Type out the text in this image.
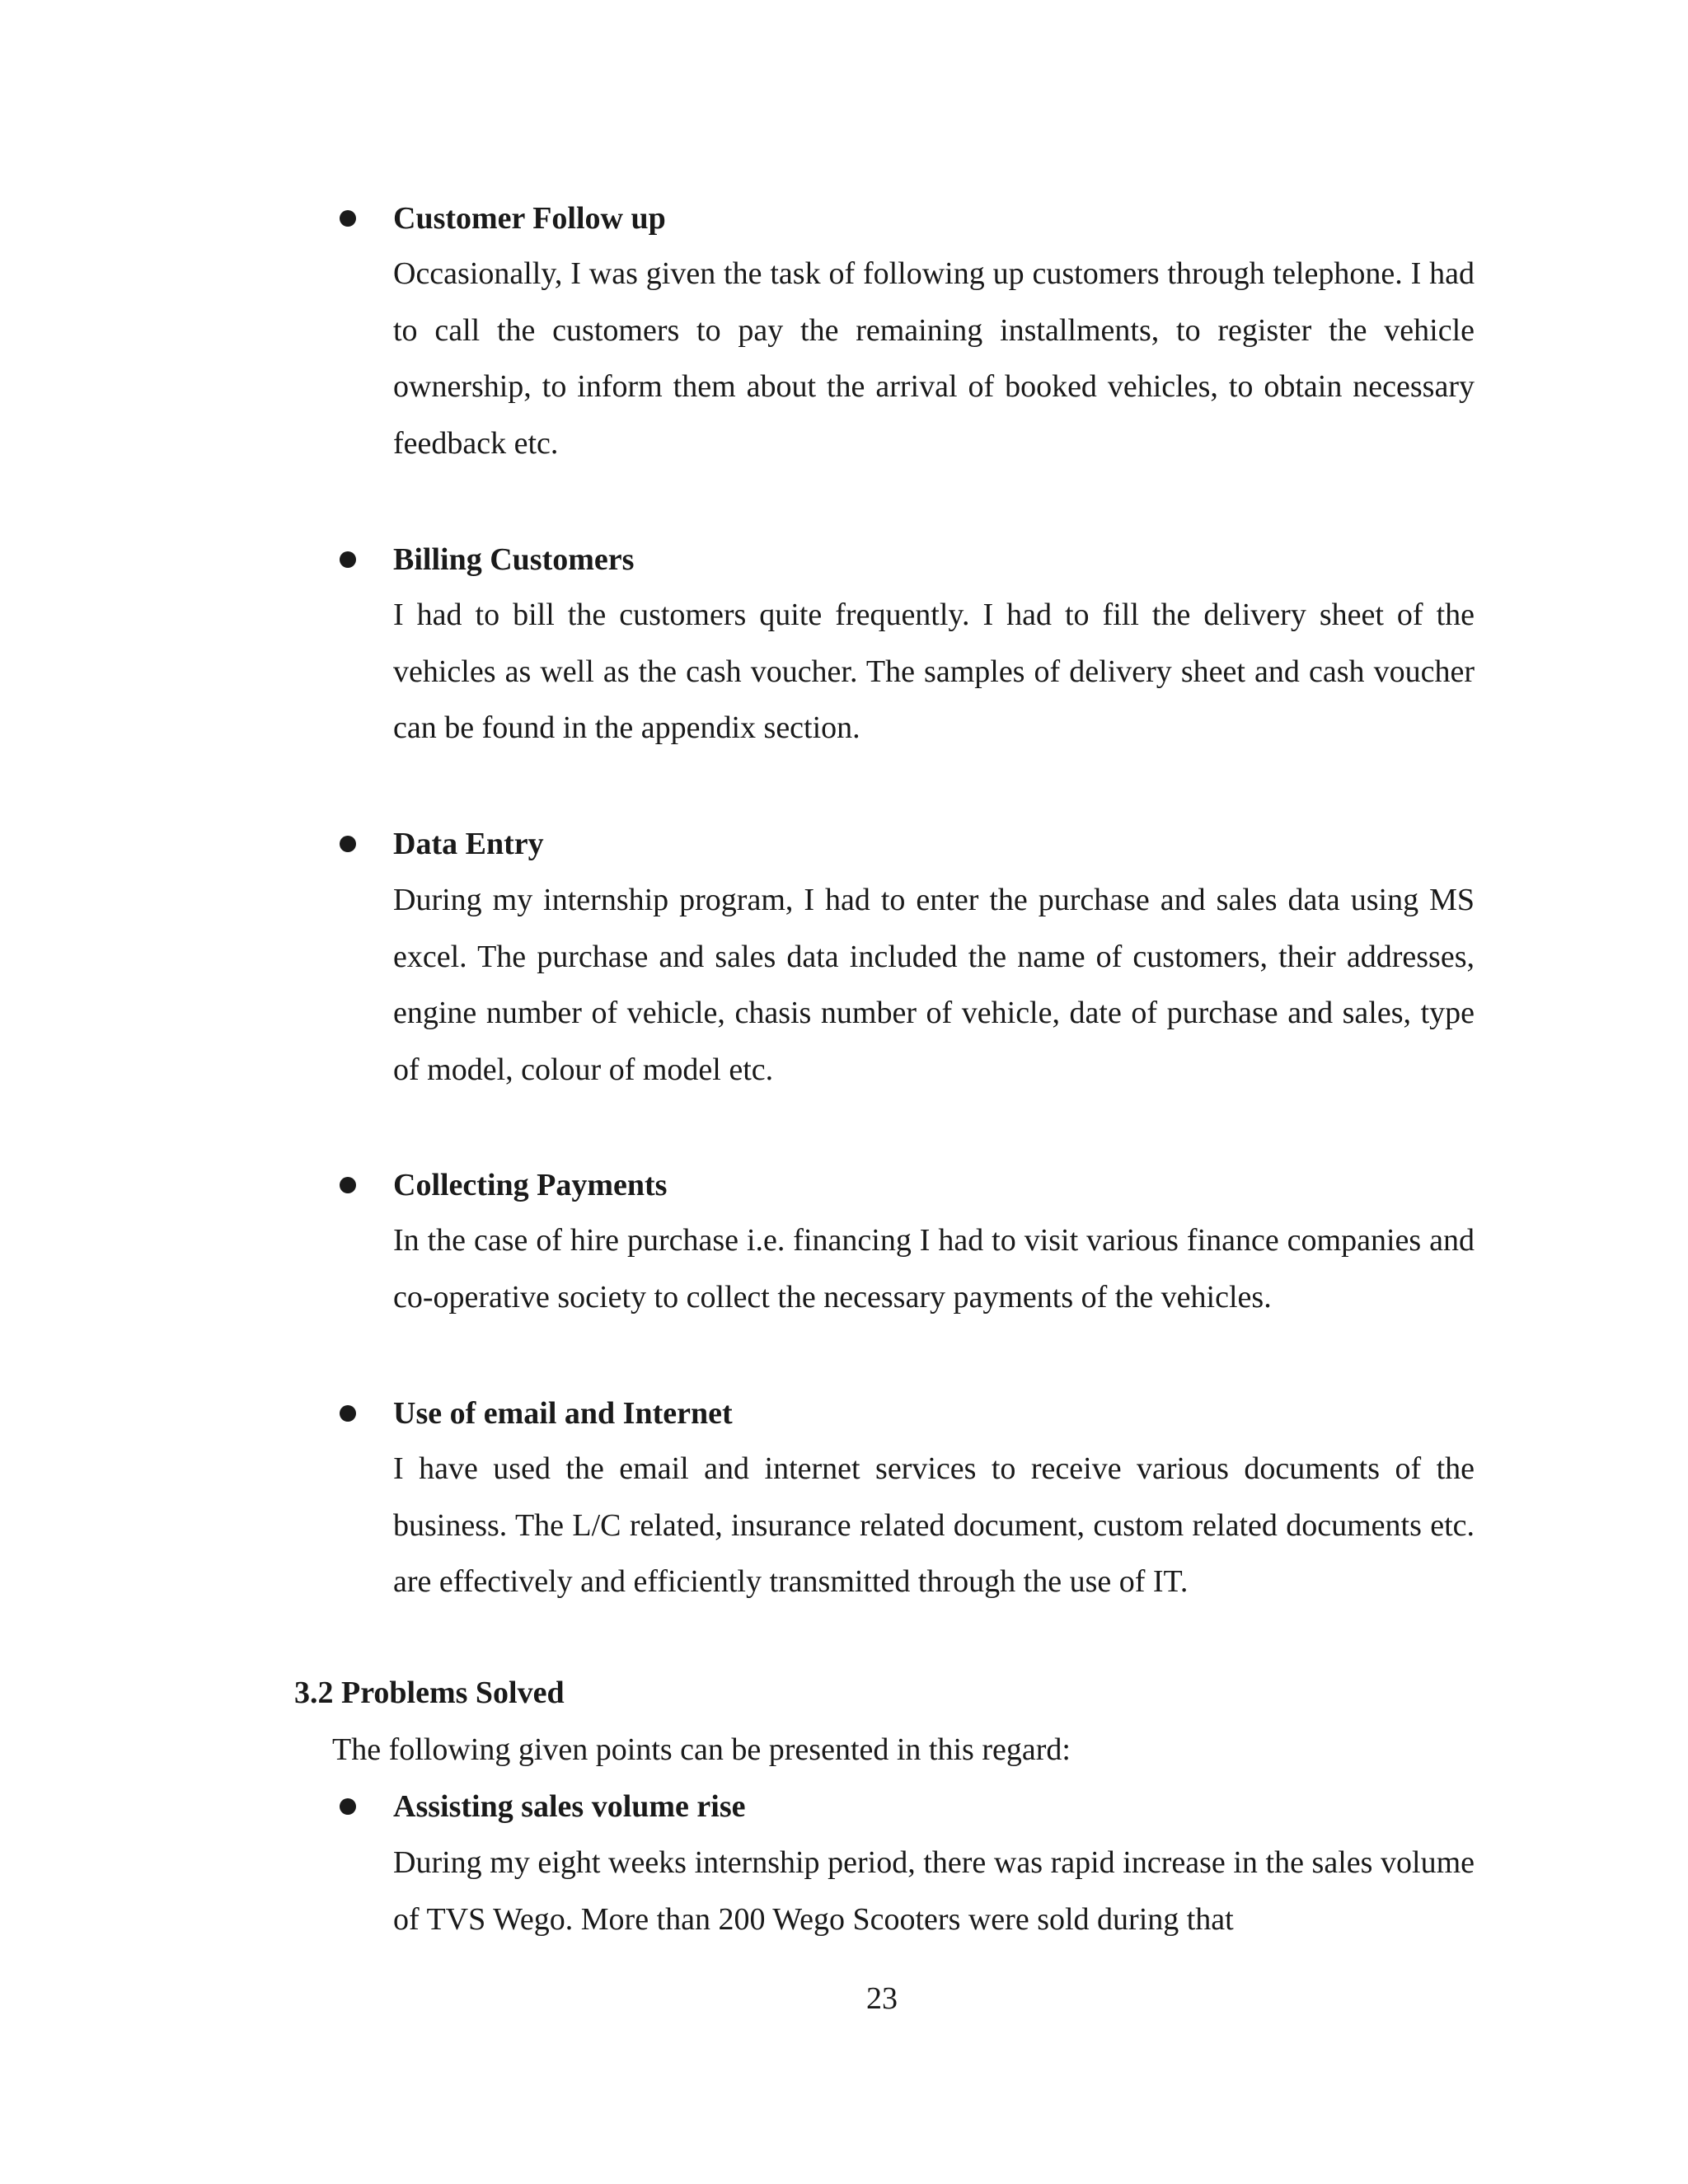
Customer Follow up

Occasionally, I was given the task of following up customers through telephone. I had to call the customers to pay the remaining installments, to register the vehicle ownership, to inform them about the arrival of booked vehicles, to obtain necessary feedback etc.

Billing Customers

I had to bill the customers quite frequently. I had to fill the delivery sheet of the vehicles as well as the cash voucher. The samples of delivery sheet and cash voucher can be found in the appendix section.

Data Entry

During my internship program, I had to enter the purchase and sales data using MS excel. The purchase and sales data included the name of customers, their addresses, engine number of vehicle, chasis number of vehicle, date of purchase and sales, type of model, colour of model etc.

Collecting Payments

In the case of hire purchase i.e. financing I had to visit various finance companies and co-operative society to collect the necessary payments of the vehicles.

Use of email and Internet

I have used the email and internet services to receive various documents of the business. The L/C related, insurance related document, custom related documents etc. are effectively and efficiently transmitted through the use of IT.

3.2 Problems Solved
The following given points can be presented in this regard:
Assisting sales volume rise

During my eight weeks internship period, there was rapid increase in the sales volume of TVS Wego. More than 200 Wego Scooters were sold during that

23
